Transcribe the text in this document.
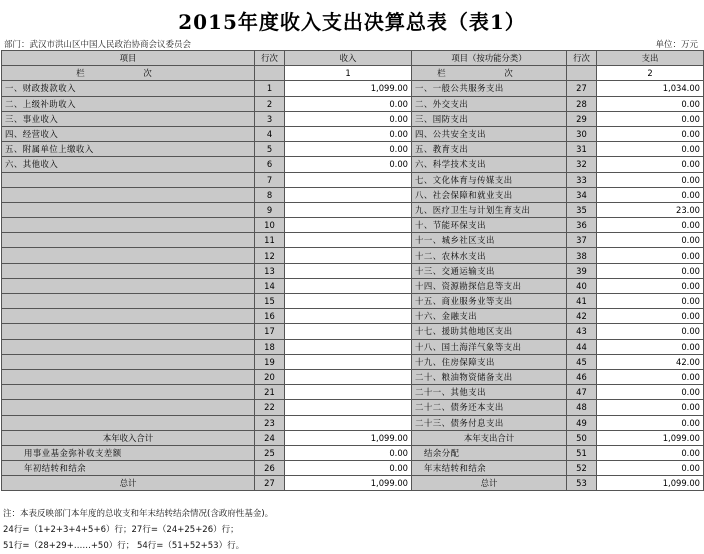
2015年度收入支出决算总表（表1）
部门：武汉市洪山区中国人民政治协商会议委员会	单位：万元
项目	行次	收入	项目（按功能分类）	行次	支出
栏 次		1	栏 次		2
一、财政拨款收入	1	1,099.00	一、一般公共服务支出	27	1,034.00
二、上级补助收入	2	0.00	二、外交支出	28	0.00
三、事业收入	3	0.00	三、国防支出	29	0.00
四、经营收入	4	0.00	四、公共安全支出	30	0.00
五、附属单位上缴收入	5	0.00	五、教育支出	31	0.00
六、其他收入	6	0.00	六、科学技术支出	32	0.00
	7		七、文化体育与传媒支出	33	0.00
	8		八、社会保障和就业支出	34	0.00
	9		九、医疗卫生与计划生育支出	35	23.00
	10		十、节能环保支出	36	0.00
	11		十一、城乡社区支出	37	0.00
	12		十二、农林水支出	38	0.00
	13		十三、交通运输支出	39	0.00
	14		十四、资源勘探信息等支出	40	0.00
	15		十五、商业服务业等支出	41	0.00
	16		十六、金融支出	42	0.00
	17		十七、援助其他地区支出	43	0.00
	18		十八、国土海洋气象等支出	44	0.00
	19		十九、住房保障支出	45	42.00
	20		二十、粮油物资储备支出	46	0.00
	21		二十一、其他支出	47	0.00
	22		二十二、债务还本支出	48	0.00
	23		二十三、债务付息支出	49	0.00
本年收入合计	24	1,099.00	本年支出合计	50	1,099.00
用事业基金弥补收支差额	25	0.00	结余分配	51	0.00
年初结转和结余	26	0.00	年末结转和结余	52	0.00
总计	27	1,099.00	总计	53	1,099.00
注：本表反映部门本年度的总收支和年末结转结余情况(含政府性基金)。
24行=（1+2+3+4+5+6）行；27行=（24+25+26）行；
51行=（28+29+……+50）行； 54行=（51+52+53）行。
